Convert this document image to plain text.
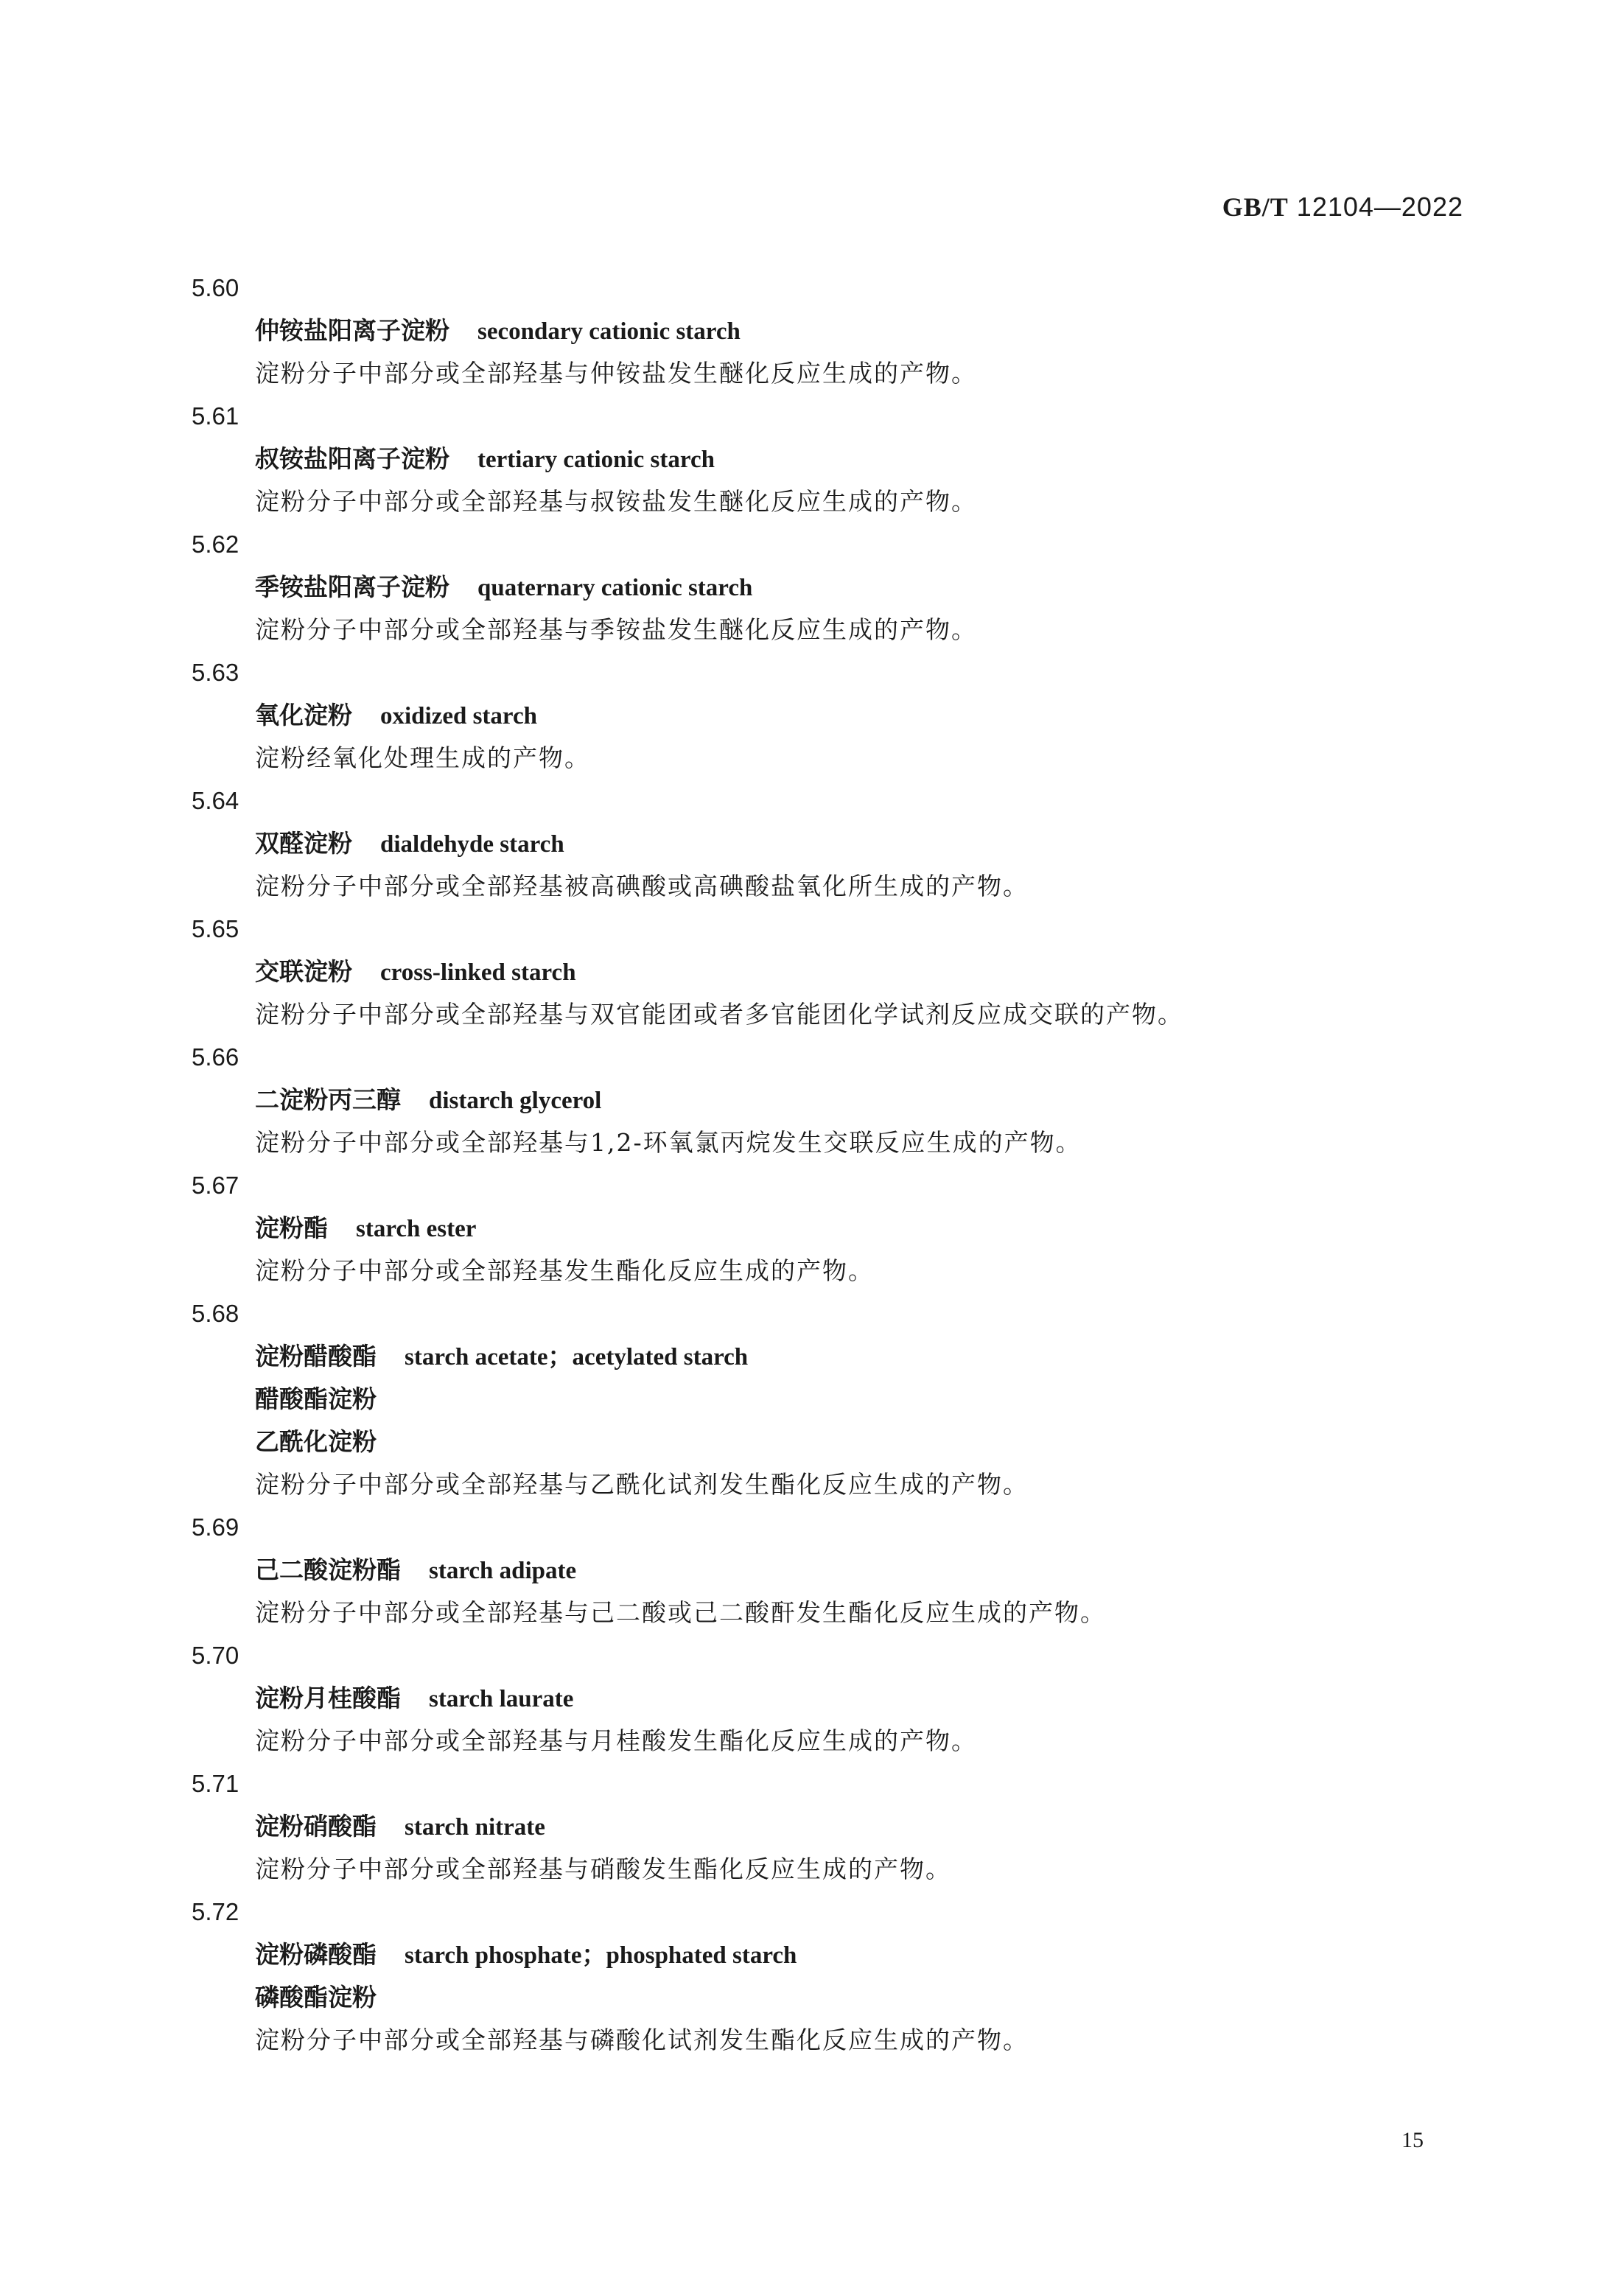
GB/T 12104—2022
5.60
仲铵盐阳离子淀粉 secondary cationic starch
淀粉分子中部分或全部羟基与仲铵盐发生醚化反应生成的产物。
5.61
叔铵盐阳离子淀粉 tertiary cationic starch
淀粉分子中部分或全部羟基与叔铵盐发生醚化反应生成的产物。
5.62
季铵盐阳离子淀粉 quaternary cationic starch
淀粉分子中部分或全部羟基与季铵盐发生醚化反应生成的产物。
5.63
氧化淀粉 oxidized starch
淀粉经氧化处理生成的产物。
5.64
双醛淀粉 dialdehyde starch
淀粉分子中部分或全部羟基被高碘酸或高碘酸盐氧化所生成的产物。
5.65
交联淀粉 cross-linked starch
淀粉分子中部分或全部羟基与双官能团或者多官能团化学试剂反应成交联的产物。
5.66
二淀粉丙三醇 distarch glycerol
淀粉分子中部分或全部羟基与1,2-环氧氯丙烷发生交联反应生成的产物。
5.67
淀粉酯 starch ester
淀粉分子中部分或全部羟基发生酯化反应生成的产物。
5.68
淀粉醋酸酯 starch acetate；acetylated starch
醋酸酯淀粉
乙酰化淀粉
淀粉分子中部分或全部羟基与乙酰化试剂发生酯化反应生成的产物。
5.69
己二酸淀粉酯 starch adipate
淀粉分子中部分或全部羟基与己二酸或己二酸酐发生酯化反应生成的产物。
5.70
淀粉月桂酸酯 starch laurate
淀粉分子中部分或全部羟基与月桂酸发生酯化反应生成的产物。
5.71
淀粉硝酸酯 starch nitrate
淀粉分子中部分或全部羟基与硝酸发生酯化反应生成的产物。
5.72
淀粉磷酸酯 starch phosphate；phosphated starch
磷酸酯淀粉
淀粉分子中部分或全部羟基与磷酸化试剂发生酯化反应生成的产物。
15
